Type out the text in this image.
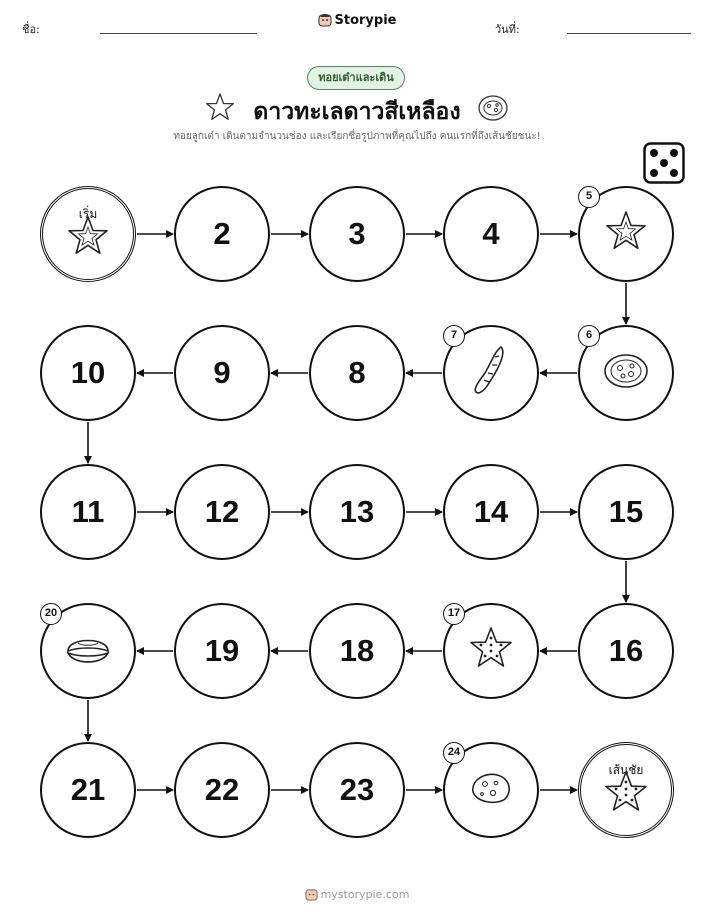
ชื่อ:
Storypie
วันที่:
ทอยเต๋าและเดิน
ดาวทะเลดาวสีเหลือง
ทอยลูกเต๋า เดินตามจำนวนช่อง และเรียกชื่อรูปภาพที่คุณไปถึง คนแรกที่ถึงเส้นชัยชนะ!
เริ่ม
2	3	4
5
6
7
8
9
10
11	12	13	14	15
16
17
18
19
20
21	22	23
24
เส้นชัย
mystorypie.com
